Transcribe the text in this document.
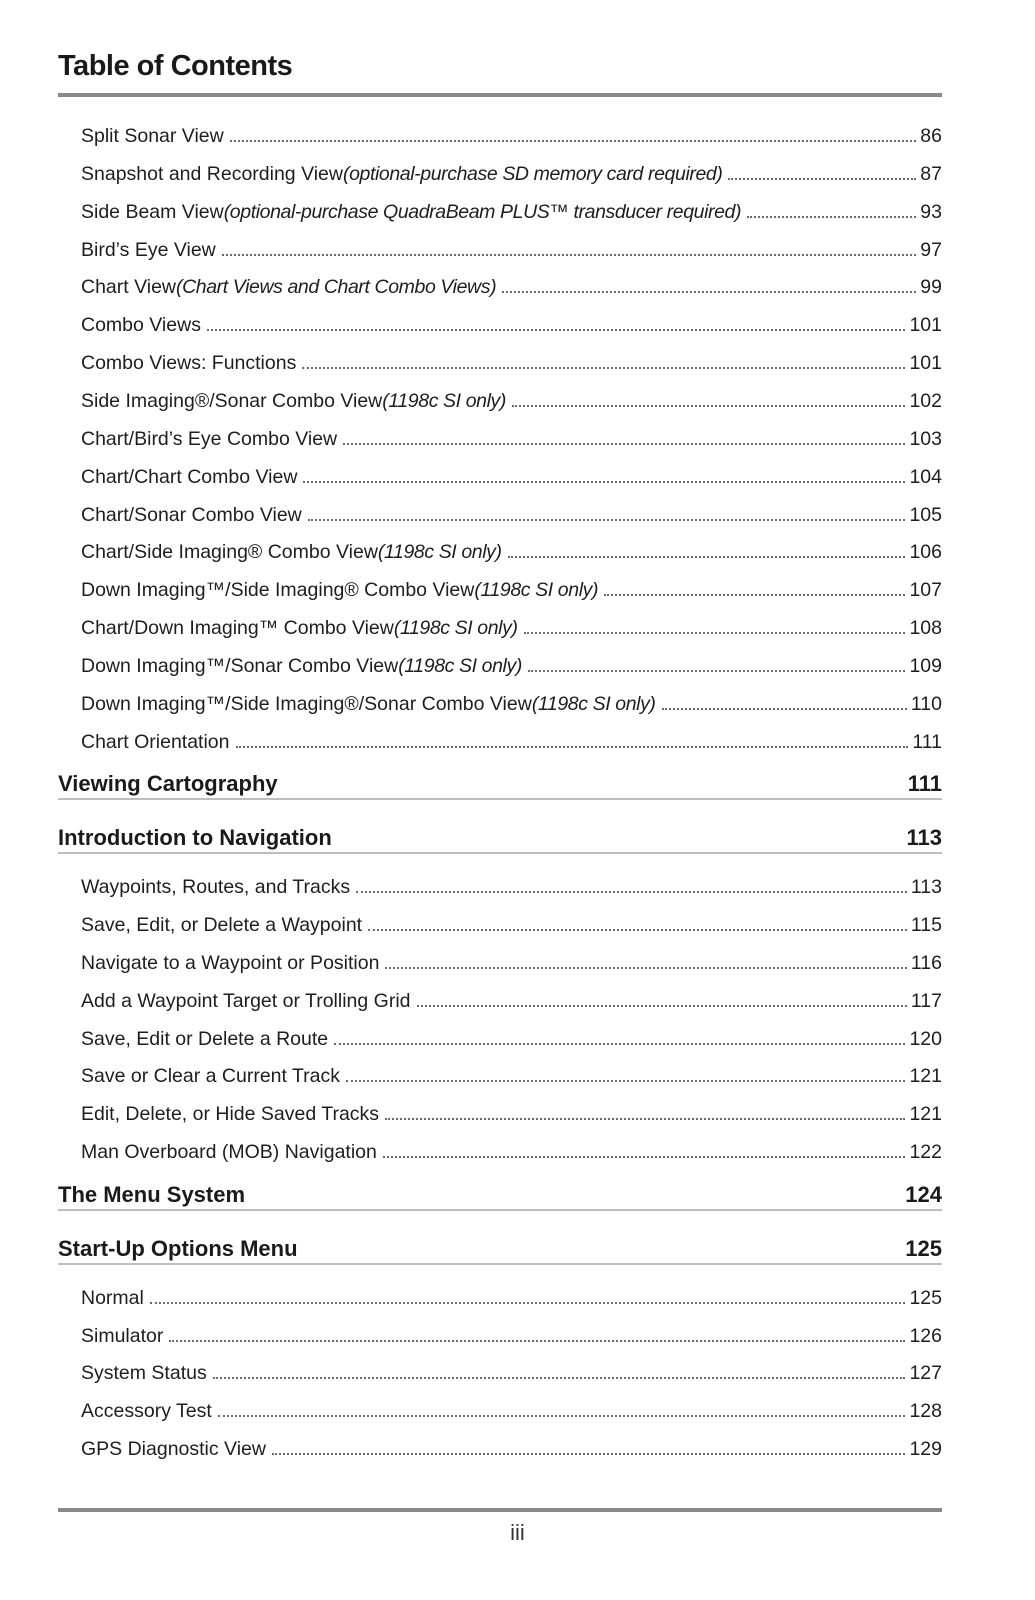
Table of Contents
Split Sonar View	86
Snapshot and Recording View (optional-purchase SD memory card required)	87
Side Beam View (optional-purchase QuadraBeam PLUS™ transducer required)	93
Bird’s Eye View	97
Chart View (Chart Views and Chart Combo Views)	99
Combo Views	101
Combo Views: Functions	101
Side Imaging®/Sonar Combo View (1198c SI only)	102
Chart/Bird’s Eye Combo View	103
Chart/Chart Combo View	104
Chart/Sonar Combo View	105
Chart/Side Imaging® Combo View (1198c SI only)	106
Down Imaging™/Side Imaging® Combo View (1198c SI only)	107
Chart/Down Imaging™ Combo View (1198c SI only)	108
Down Imaging™/Sonar Combo View (1198c SI only)	109
Down Imaging™/Side Imaging®/Sonar Combo View (1198c SI only)	110
Chart Orientation	111
Viewing Cartography	111
Introduction to Navigation	113
Waypoints, Routes, and Tracks	113
Save, Edit, or Delete a Waypoint	115
Navigate to a Waypoint or Position	116
Add a Waypoint Target or Trolling Grid	117
Save, Edit or Delete a Route	120
Save or Clear a Current Track	121
Edit, Delete, or Hide Saved Tracks	121
Man Overboard (MOB) Navigation	122
The Menu System	124
Start-Up Options Menu	125
Normal	125
Simulator	126
System Status	127
Accessory Test	128
GPS Diagnostic View	129
iii
